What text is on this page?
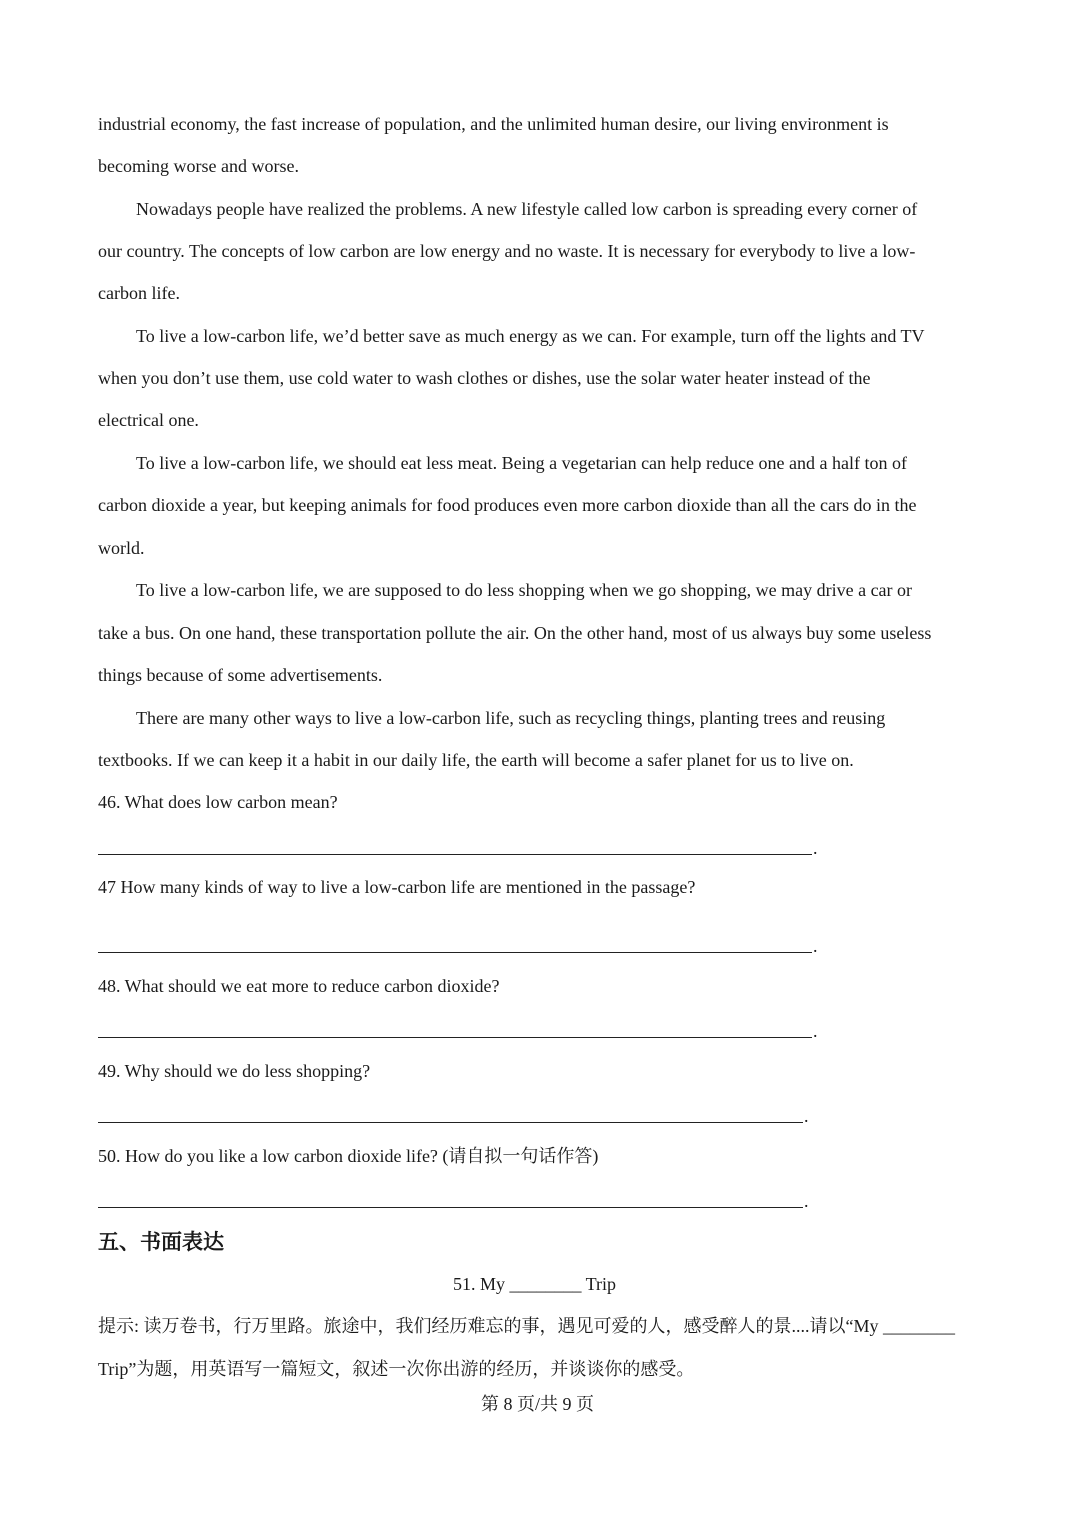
industrial economy, the fast increase of population, and the unlimited human desire, our living environment is
becoming worse and worse.
Nowadays people have realized the problems. A new lifestyle called low carbon is spreading every corner of
our country. The concepts of low carbon are low energy and no waste. It is necessary for everybody to live a low-
carbon life.
To live a low-carbon life, we’d better save as much energy as we can. For example, turn off the lights and TV
when you don’t use them, use cold water to wash clothes or dishes, use the solar water heater instead of the
electrical one.
To live a low-carbon life, we should eat less meat. Being a vegetarian can help reduce one and a half ton of
carbon dioxide a year, but keeping animals for food produces even more carbon dioxide than all the cars do in the
world.
To live a low-carbon life, we are supposed to do less shopping when we go shopping, we may drive a car or
take a bus. On one hand, these transportation pollute the air. On the other hand, most of us always buy some useless
things because of some advertisements.
There are many other ways to live a low-carbon life, such as recycling things, planting trees and reusing
textbooks. If we can keep it a habit in our daily life, the earth will become a safer planet for us to live on.
46. What does low carbon mean?
.
47 How many kinds of way to live a low-carbon life are mentioned in the passage?
.
48. What should we eat more to reduce carbon dioxide?
.
49. Why should we do less shopping?
.
50. How do you like a low carbon dioxide life? (请自拟一句话作答)
.
五、书面表达
51. My ________ Trip
提示: 读万卷书，行万里路。旅途中，我们经历难忘的事，遇见可爱的人，感受醉人的景....请以“My ________
Trip”为题，用英语写一篇短文，叙述一次你出游的经历，并谈谈你的感受。
第 8 页/共 9 页
